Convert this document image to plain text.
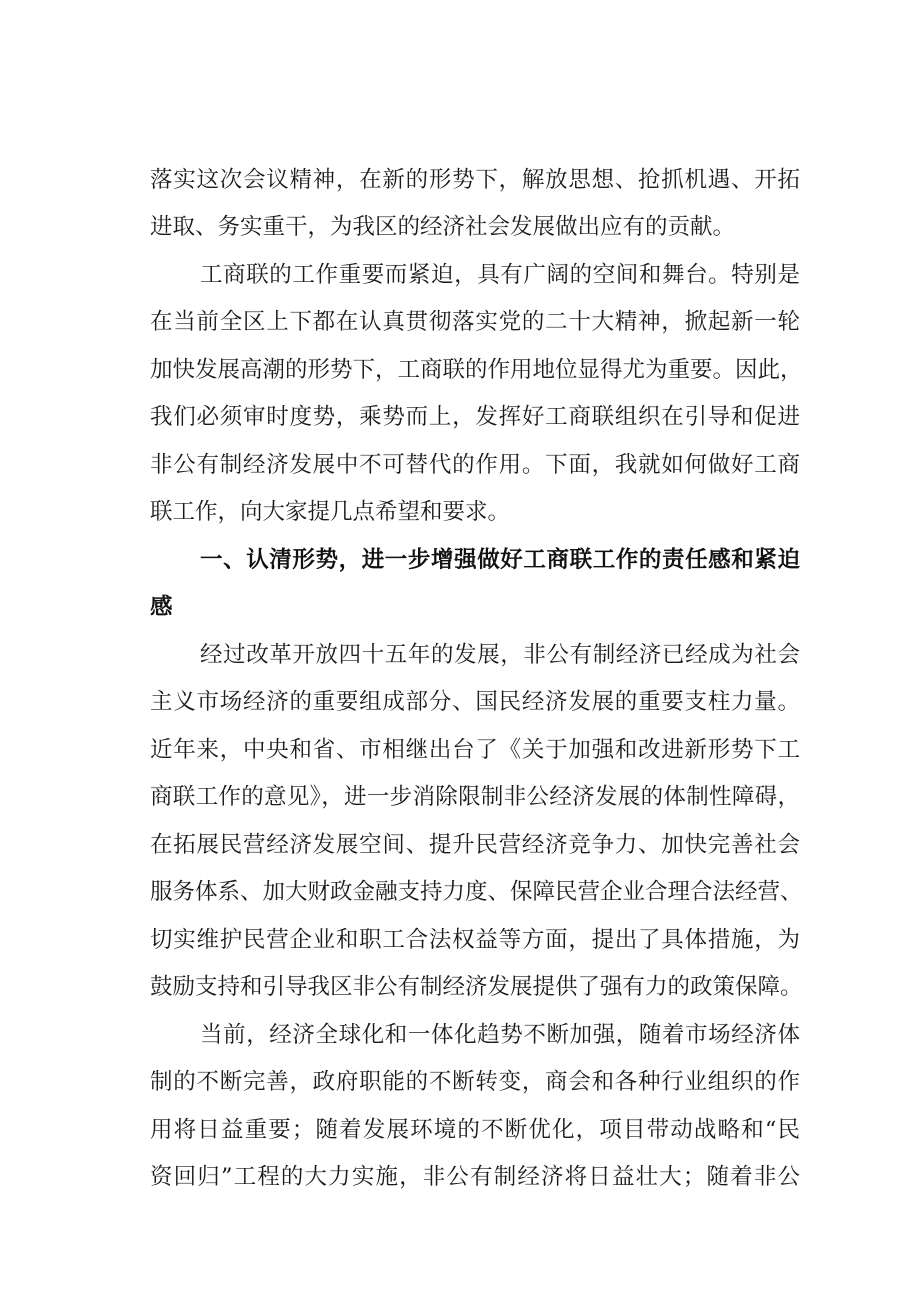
落实这次会议精神，在新的形势下，解放思想、抢抓机遇、开拓
进取、务实重干，为我区的经济社会发展做出应有的贡献。
工商联的工作重要而紧迫，具有广阔的空间和舞台。特别是
在当前全区上下都在认真贯彻落实党的二十大精神，掀起新一轮
加快发展高潮的形势下，工商联的作用地位显得尤为重要。因此，
我们必须审时度势，乘势而上，发挥好工商联组织在引导和促进
非公有制经济发展中不可替代的作用。下面，我就如何做好工商
联工作，向大家提几点希望和要求。
一、认清形势，进一步增强做好工商联工作的责任感和紧迫
感
经过改革开放四十五年的发展，非公有制经济已经成为社会
主义市场经济的重要组成部分、国民经济发展的重要支柱力量。
近年来，中央和省、市相继出台了《关于加强和改进新形势下工
商联工作的意见》，进一步消除限制非公经济发展的体制性障碍，
在拓展民营经济发展空间、提升民营经济竞争力、加快完善社会
服务体系、加大财政金融支持力度、保障民营企业合理合法经营、
切实维护民营企业和职工合法权益等方面，提出了具体措施，为
鼓励支持和引导我区非公有制经济发展提供了强有力的政策保障。
当前，经济全球化和一体化趋势不断加强，随着市场经济体
制的不断完善，政府职能的不断转变，商会和各种行业组织的作
用将日益重要；随着发展环境的不断优化，项目带动战略和“民
资回归”工程的大力实施，非公有制经济将日益壮大；随着非公
